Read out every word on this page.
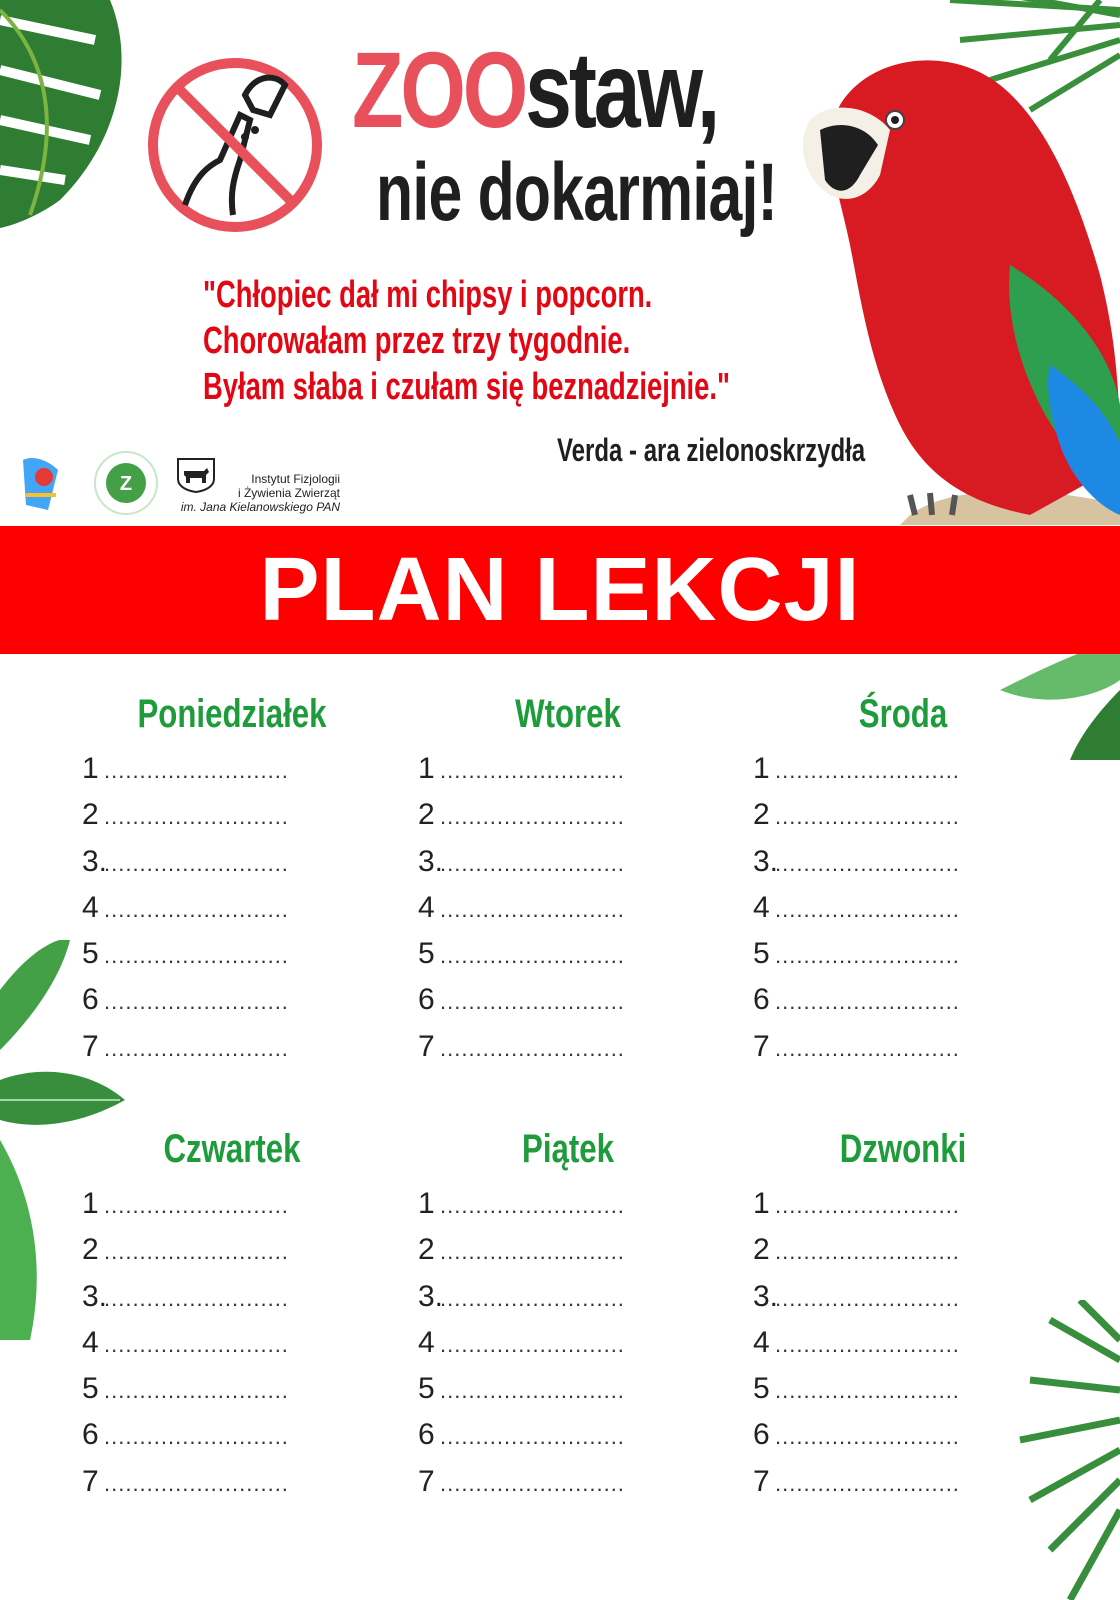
ZOOstaw,
nie dokarmiaj!
"Chłopiec dał mi chipsy i popcorn.
Chorowałam przez trzy tygodnie.
Byłam słaba i czułam się beznadziejnie."
Verda - ara zielonoskrzydła
Z	Instytut Fizjologii
i Żywienia Zwierząt
im. Jana Kielanowskiego PAN
PLAN LEKCJI
Poniedziałek
1 ..........................
2 ..........................
3.
..........................
4 ..........................
5 ..........................
6 ..........................
7 ..........................
Wtorek
1 ..........................
2 ..........................
3.
..........................
4 ..........................
5 ..........................
6 ..........................
7 ..........................
Środa
1 ..........................
2 ..........................
3.
..........................
4 ..........................
5 ..........................
6 ..........................
7 ..........................
Czwartek
1 ..........................
2 ..........................
3.
..........................
4 ..........................
5 ..........................
6 ..........................
7 ..........................
Piątek
1 ..........................
2 ..........................
3.
..........................
4 ..........................
5 ..........................
6 ..........................
7 ..........................
Dzwonki
1 ..........................
2 ..........................
3.
..........................
4 ..........................
5 ..........................
6 ..........................
7 ..........................
